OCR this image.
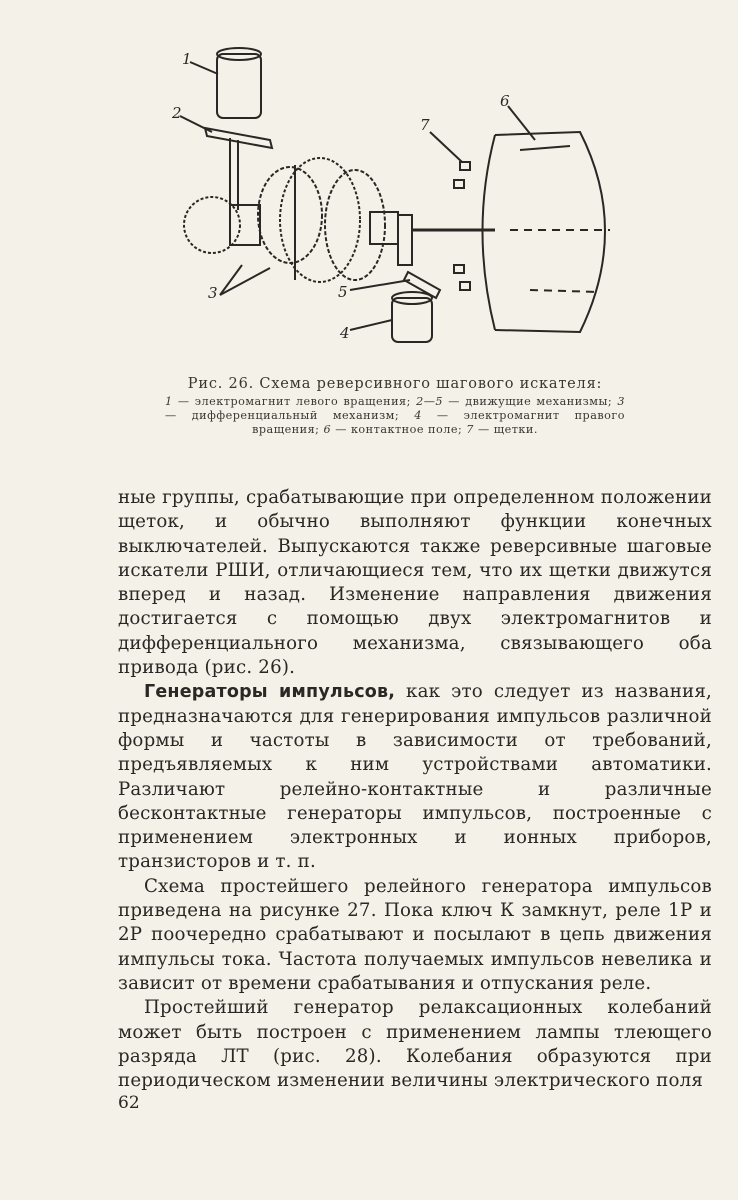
1
2
3
4
5
6
7
Рис. 26. Схема реверсивного шагового искателя:
1 — электромагнит левого вращения; 2—5 — движущие механизмы; 3 — дифференциальный механизм; 4 — электромагнит правого вращения; 6 — контактное поле; 7 — щетки.

ные группы, срабатывающие при определенном положении щеток, и обычно выполняют функции конечных выключателей. Выпускаются также реверсивные шаговые искатели РШИ, отличающиеся тем, что их щетки движутся вперед и назад. Изменение направления движения достигается с помощью двух электромагнитов и дифференциального механизма, связывающего оба привода (рис. 26).

Генераторы импульсов, как это следует из названия, предназначаются для генерирования импульсов различной формы и частоты в зависимости от требований, предъявляемых к ним устройствами автоматики. Различают релейно-контактные и различные бесконтактные генераторы импульсов, построенные с применением электронных и ионных приборов, транзисторов и т. п.

Схема простейшего релейного генератора импульсов приведена на рисунке 27. Пока ключ К замкнут, реле 1Р и 2Р поочередно срабатывают и посылают в цепь движения импульсы тока. Частота получаемых импульсов невелика и зависит от времени срабатывания и отпускания реле.

Простейший генератор релаксационных колебаний может быть построен с применением лампы тлеющего разряда ЛТ (рис. 28). Колебания образуются при периодическом изменении величины электрического поля

62
